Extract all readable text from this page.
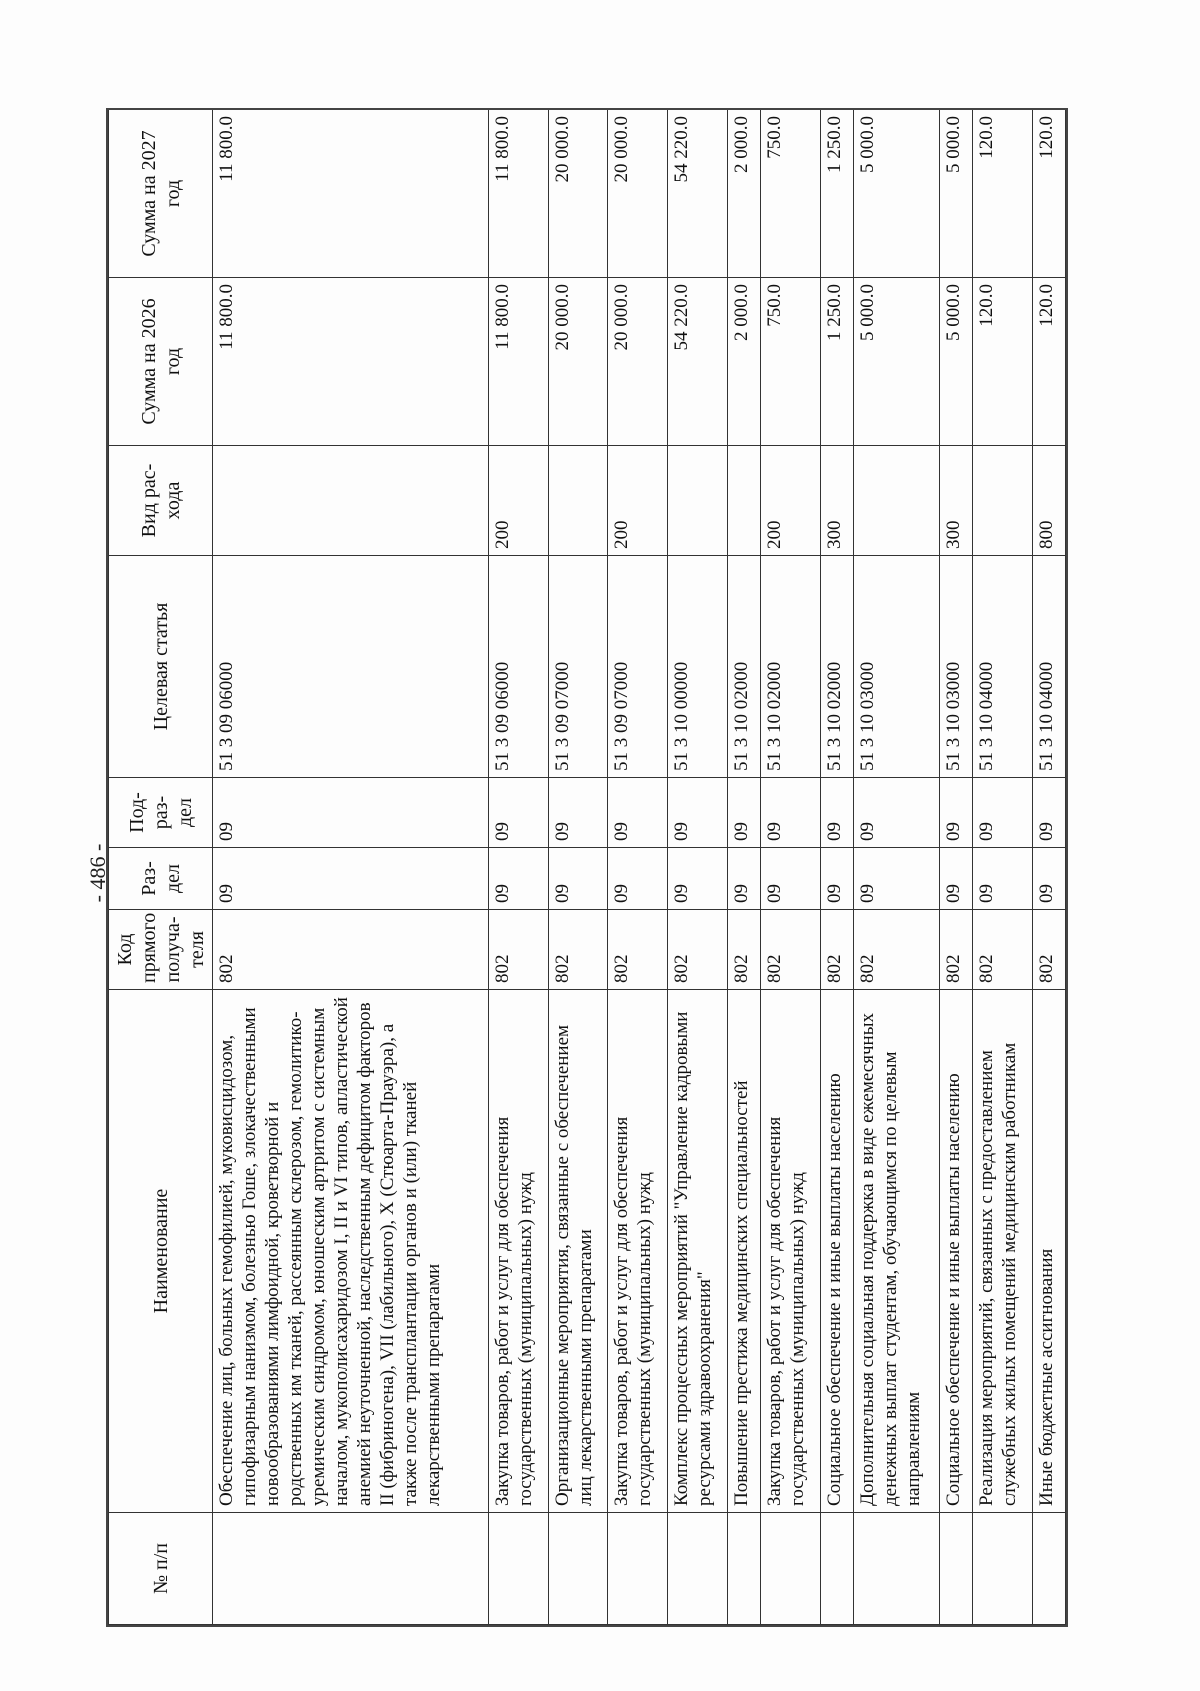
- 486 -
№ п/п	Наименование	Код прямого получа-теля	Раз-дел	Под-раз-дел	Целевая статья	Вид рас-хода	Сумма на 2026 год	Сумма на 2027 год
	Обеспечение лиц, больных гемофилией, муковисцидозом, гипофизарным нанизмом, болезнью Гоше, злокачественными новообразованиями лимфоидной, кроветворной и родственных им тканей, рассеянным склерозом, гемолитико-уремическим синдромом, юношеским артритом с системным началом, мукополисахаридозом I, II и VI типов, апластической анемией неуточненной, наследственным дефицитом факторов II (фибриногена), VII (лабильного), X (Стюарта-Прауэра), а также после трансплантации органов и (или) тканей лекарственными препаратами	802	09	09	51 3 09 06000		11 800.0	11 800.0
	Закупка товаров, работ и услуг для обеспечения государственных (муниципальных) нужд	802	09	09	51 3 09 06000	200	11 800.0	11 800.0
	Организационные мероприятия, связанные с обеспечением лиц лекарственными препаратами	802	09	09	51 3 09 07000		20 000.0	20 000.0
	Закупка товаров, работ и услуг для обеспечения государственных (муниципальных) нужд	802	09	09	51 3 09 07000	200	20 000.0	20 000.0
	Комплекс процессных мероприятий "Управление кадровыми ресурсами здравоохранения"	802	09	09	51 3 10 00000		54 220.0	54 220.0
	Повышение престижа медицинских специальностей	802	09	09	51 3 10 02000		2 000.0	2 000.0
	Закупка товаров, работ и услуг для обеспечения государственных (муниципальных) нужд	802	09	09	51 3 10 02000	200	750.0	750.0
	Социальное обеспечение и иные выплаты населению	802	09	09	51 3 10 02000	300	1 250.0	1 250.0
	Дополнительная социальная поддержка в виде ежемесячных денежных выплат студентам, обучающимся по целевым направлениям	802	09	09	51 3 10 03000		5 000.0	5 000.0
	Социальное обеспечение и иные выплаты населению	802	09	09	51 3 10 03000	300	5 000.0	5 000.0
	Реализация мероприятий, связанных с предоставлением служебных жилых помещений медицинским работникам	802	09	09	51 3 10 04000		120.0	120.0
	Иные бюджетные ассигнования	802	09	09	51 3 10 04000	800	120.0	120.0
